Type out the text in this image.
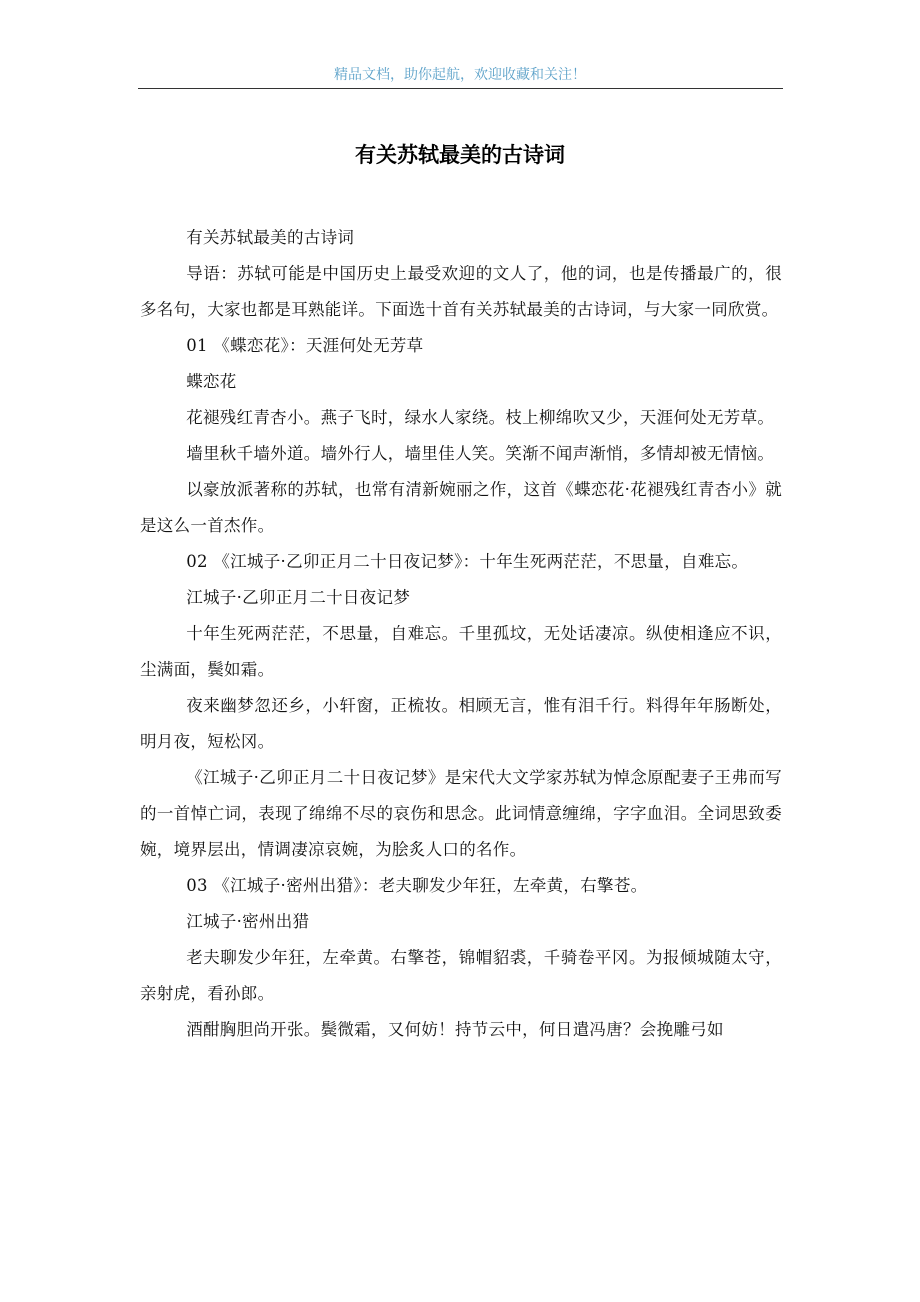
精品文档，助你起航，欢迎收藏和关注！
有关苏轼最美的古诗词

有关苏轼最美的古诗词

导语：苏轼可能是中国历史上最受欢迎的文人了，他的词，也是传播最广的，很多名句，大家也都是耳熟能详。下面选十首有关苏轼最美的古诗词，与大家一同欣赏。

01 《蝶恋花》：天涯何处无芳草

蝶恋花

花褪残红青杏小。燕子飞时，绿水人家绕。枝上柳绵吹又少，天涯何处无芳草。

墙里秋千墙外道。墙外行人，墙里佳人笑。笑渐不闻声渐悄，多情却被无情恼。

以豪放派著称的苏轼，也常有清新婉丽之作，这首《蝶恋花·花褪残红青杏小》就是这么一首杰作。

02 《江城子·乙卯正月二十日夜记梦》：十年生死两茫茫，不思量，自难忘。

江城子·乙卯正月二十日夜记梦

十年生死两茫茫，不思量，自难忘。千里孤坟，无处话凄凉。纵使相逢应不识，尘满面，鬓如霜。

夜来幽梦忽还乡，小轩窗，正梳妆。相顾无言，惟有泪千行。料得年年肠断处，明月夜，短松冈。

《江城子·乙卯正月二十日夜记梦》是宋代大文学家苏轼为悼念原配妻子王弗而写的一首悼亡词，表现了绵绵不尽的哀伤和思念。此词情意缠绵，字字血泪。全词思致委婉，境界层出，情调凄凉哀婉，为脍炙人口的名作。

03 《江城子·密州出猎》：老夫聊发少年狂，左牵黄，右擎苍。

江城子·密州出猎

老夫聊发少年狂，左牵黄。右擎苍，锦帽貂裘，千骑卷平冈。为报倾城随太守，亲射虎，看孙郎。

酒酣胸胆尚开张。鬓微霜，又何妨！持节云中，何日遣冯唐？会挽雕弓如
